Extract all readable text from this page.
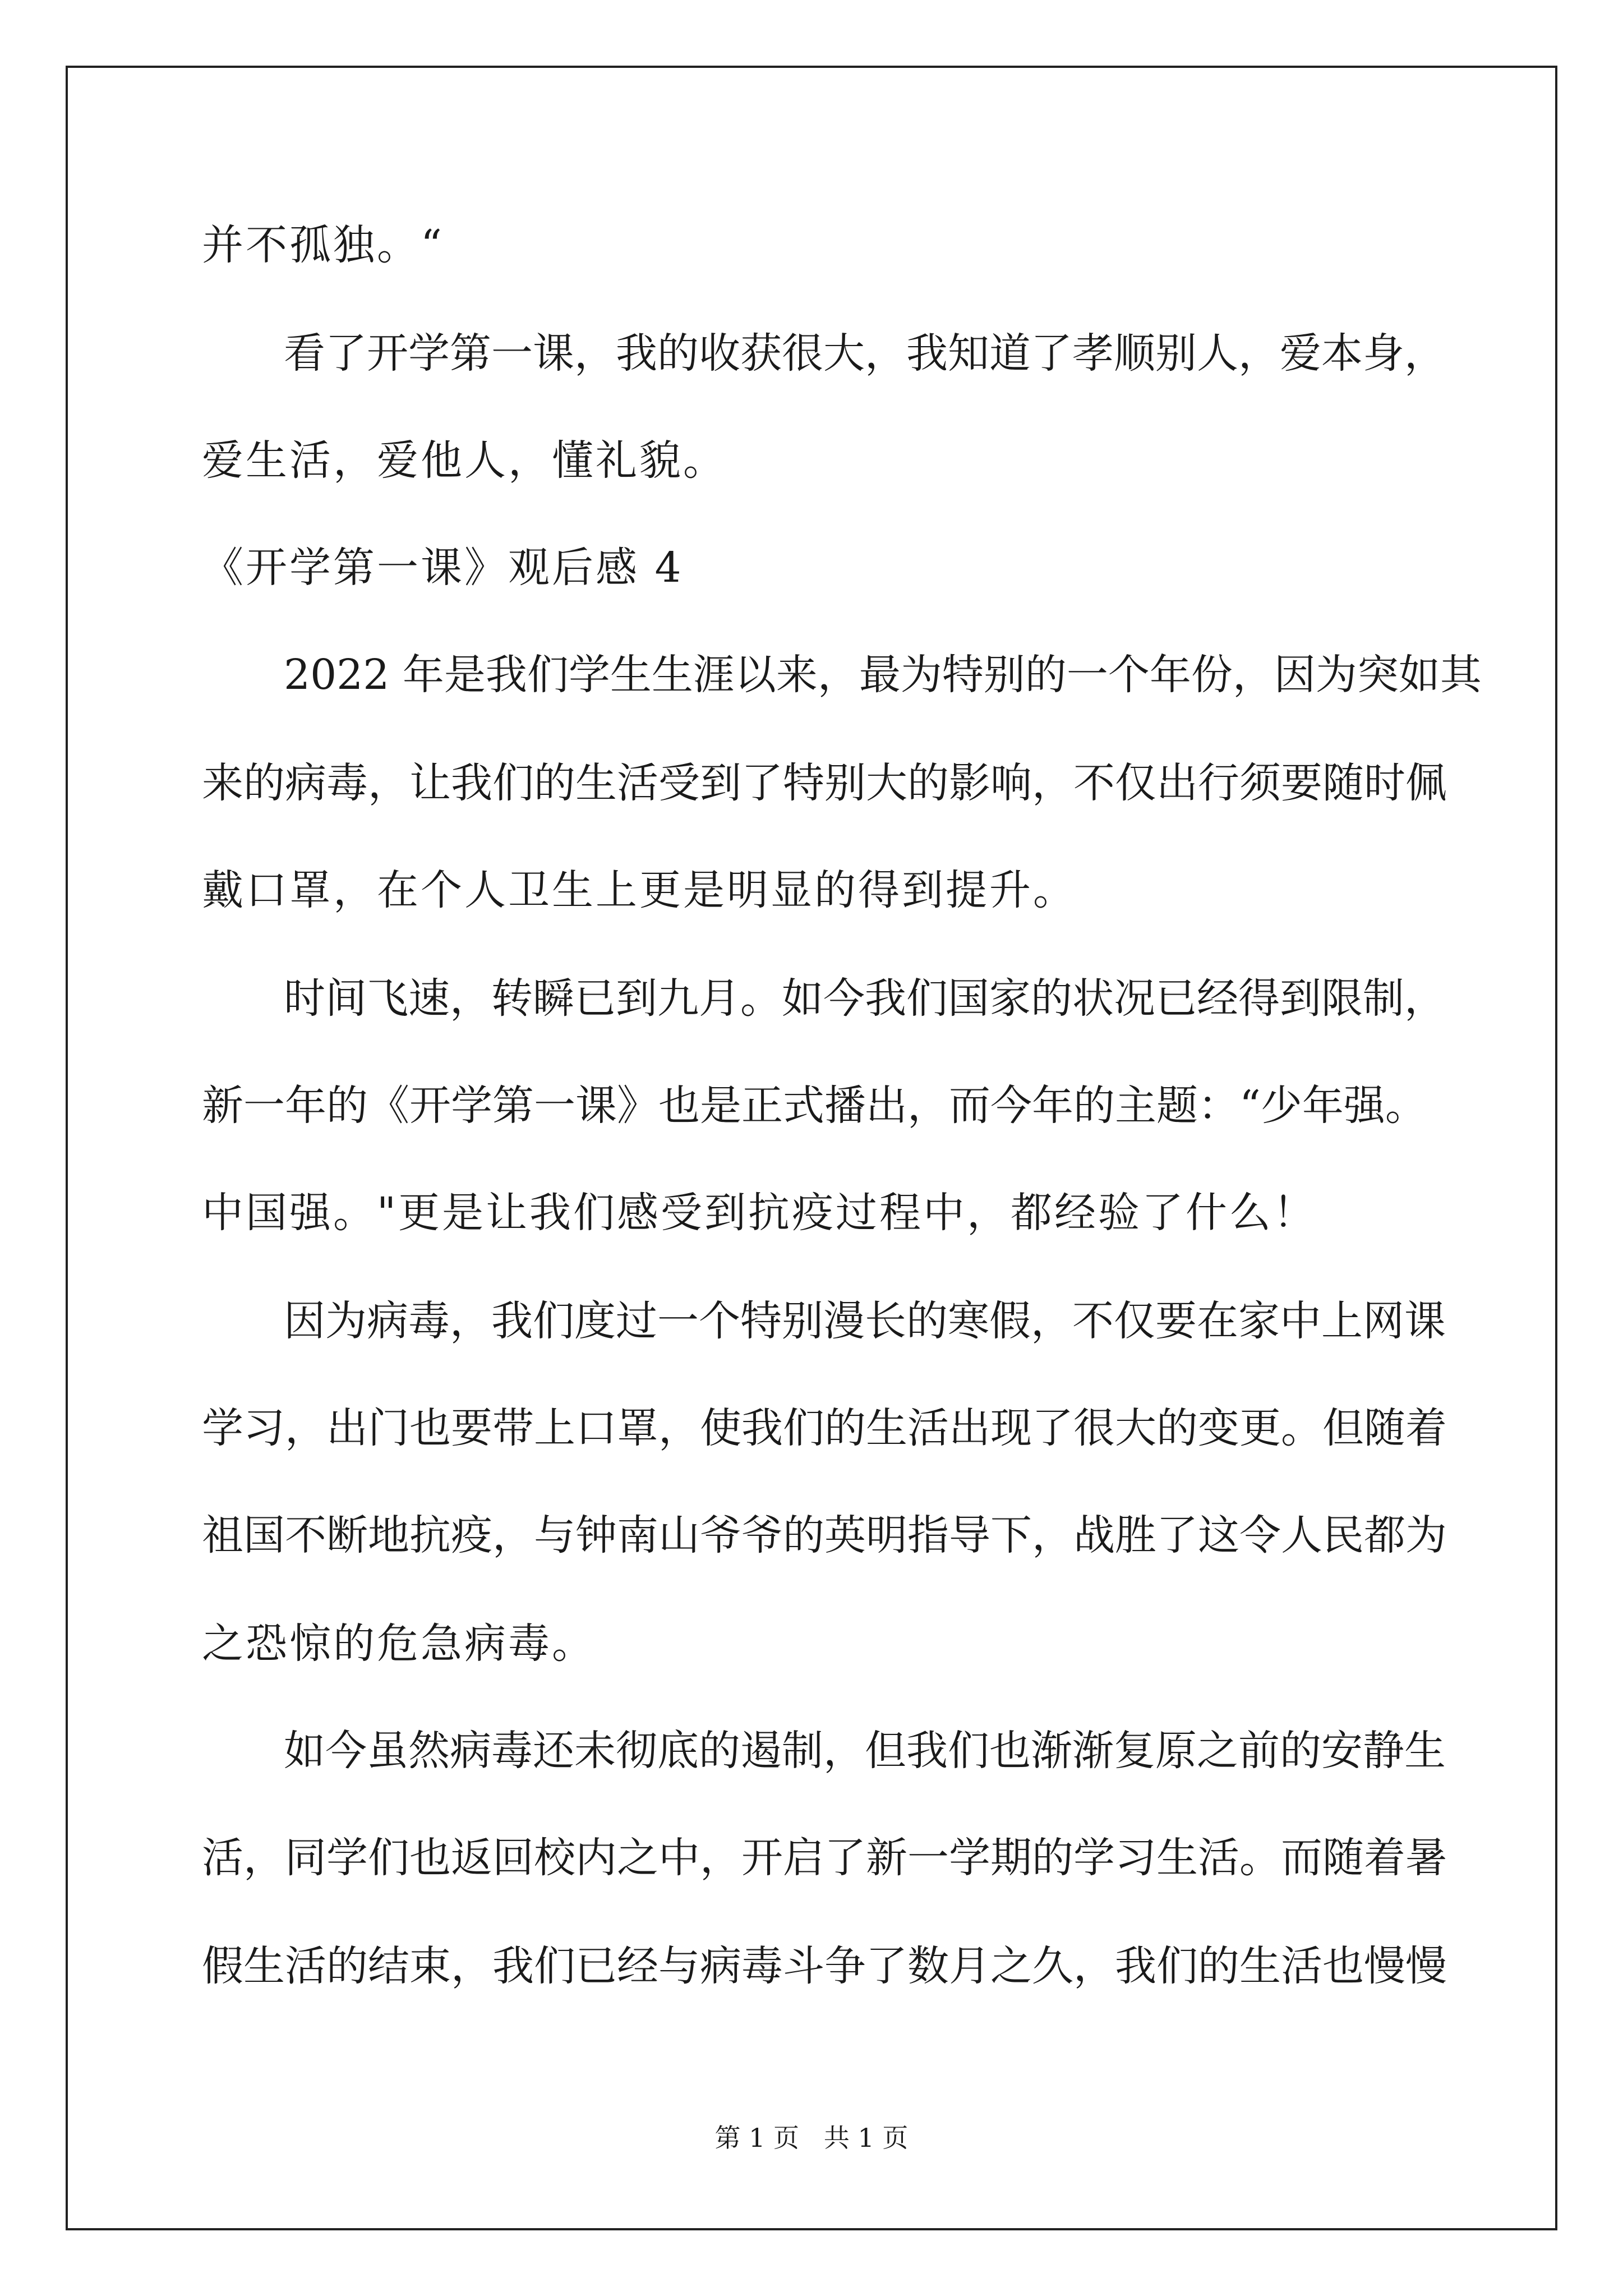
并不孤独。“
看了开学第一课，我的收获很大，我知道了孝顺别人，爱本身，
爱生活，爱他人，懂礼貌。
《开学第一课》观后感 4
2022 年是我们学生生涯以来，最为特别的一个年份，因为突如其
来的病毒，让我们的生活受到了特别大的影响，不仅出行须要随时佩
戴口罩，在个人卫生上更是明显的得到提升。
时间飞速，转瞬已到九月。如今我们国家的状况已经得到限制，
新一年的《开学第一课》也是正式播出，而今年的主题：“少年强。
中国强。"更是让我们感受到抗疫过程中，都经验了什么！
因为病毒，我们度过一个特别漫长的寒假，不仅要在家中上网课
学习，出门也要带上口罩，使我们的生活出现了很大的变更。但随着
祖国不断地抗疫，与钟南山爷爷的英明指导下，战胜了这令人民都为
之恐惊的危急病毒。
如今虽然病毒还未彻底的遏制，但我们也渐渐复原之前的安静生
活，同学们也返回校内之中，开启了新一学期的学习生活。而随着暑
假生活的结束，我们已经与病毒斗争了数月之久，我们的生活也慢慢
第 1 页   共 1 页
